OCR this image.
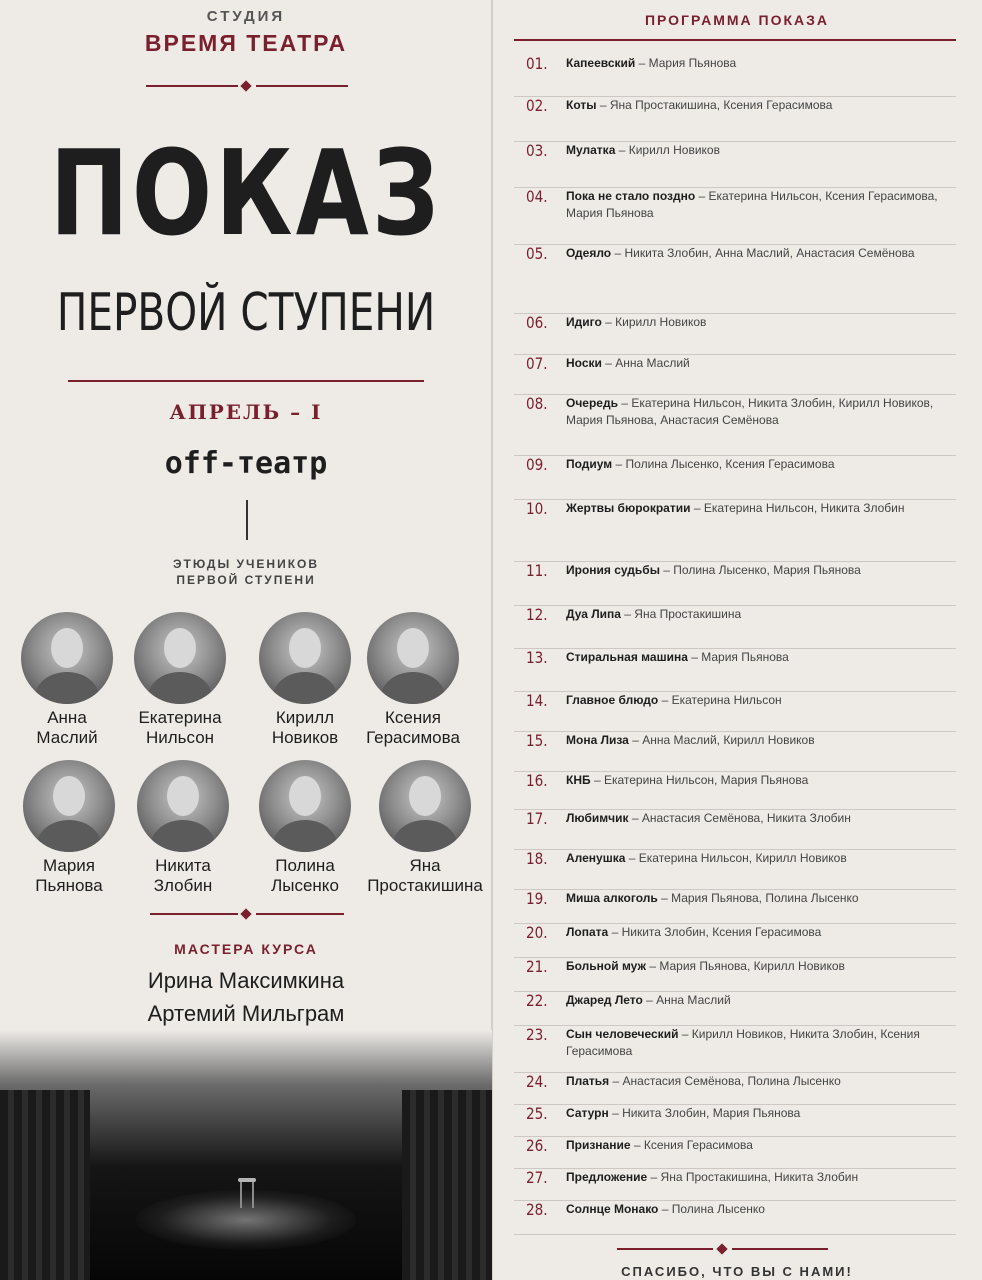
СТУДИЯ
ВРЕМЯ ТЕАТРА
ПОКАЗ
ПЕРВОЙ СТУПЕНИ
АПРЕЛЬ – I
off-театр
ЭТЮДЫ УЧЕНИКОВ
ПЕРВОЙ СТУПЕНИ
Анна
Маслий
Екатерина
Нильсон
Кирилл
Новиков
Ксения
Герасимова
Мария
Пьянова
Никита
Злобин
Полина
Лысенко
Яна
Простакишина
МАСТЕРА КУРСА
Ирина Максимкина
Артемий Мильграм
ПРОГРАММА ПОКАЗА
01. Капеевский – Мария Пьянова
02. Коты – Яна Простакишина, Ксения Герасимова
03. Мулатка – Кирилл Новиков
04. Пока не стало поздно – Екатерина Нильсон, Ксения Герасимова, Мария Пьянова
05. Одеяло – Никита Злобин, Анна Маслий, Анастасия Семёнова
06. Идиго – Кирилл Новиков
07. Носки – Анна Маслий
08. Очередь – Екатерина Нильсон, Никита Злобин, Кирилл Новиков, Мария Пьянова, Анастасия Семёнова
09. Подиум – Полина Лысенко, Ксения Герасимова
10. Жертвы бюрократии – Екатерина Нильсон, Никита Злобин
11. Ирония судьбы – Полина Лысенко, Мария Пьянова
12. Дуа Липа – Яна Простакишина
13. Стиральная машина – Мария Пьянова
14. Главное блюдо – Екатерина Нильсон
15. Мона Лиза – Анна Маслий, Кирилл Новиков
16. КНБ – Екатерина Нильсон, Мария Пьянова
17. Любимчик – Анастасия Семёнова, Никита Злобин
18. Аленушка – Екатерина Нильсон, Кирилл Новиков
19. Миша алкоголь – Мария Пьянова, Полина Лысенко
20. Лопата – Никита Злобин, Ксения Герасимова
21. Больной муж – Мария Пьянова, Кирилл Новиков
22. Джаред Лето – Анна Маслий
23. Сын человеческий – Кирилл Новиков, Никита Злобин, Ксения Герасимова
24. Платья – Анастасия Семёнова, Полина Лысенко
25. Сатурн – Никита Злобин, Мария Пьянова
26. Признание – Ксения Герасимова
27. Предложение – Яна Простакишина, Никита Злобин
28. Солнце Монако – Полина Лысенко
СПАСИБО, ЧТО ВЫ С НАМИ!
